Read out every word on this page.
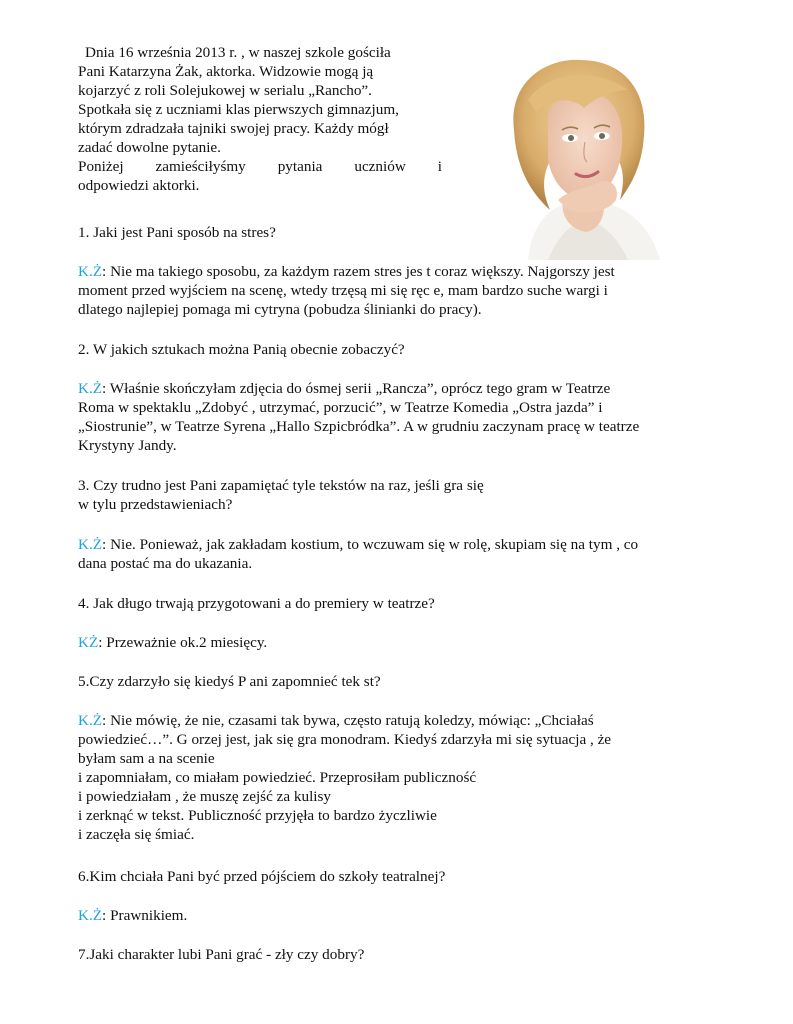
Dnia 16 września 2013 r. , w naszej szkole gościła
Pani Katarzyna Żak, aktorka. Widzowie mogą ją
kojarzyć z roli Solejukowej w serialu „Rancho”.
Spotkała się z uczniami klas pierwszych gimnazjum,
którym zdradzała tajniki swojej pracy. Każdy mógł
zadać dowolne pytanie.
Poniżej zamieściłyśmy pytania uczniów i
odpowiedzi aktorki.
1. Jaki jest Pani sposób na stres?
K.Ż: Nie ma takiego sposobu, za każdym razem stres jes t coraz większy. Najgorszy jest
moment przed wyjściem na scenę, wtedy trzęsą mi się ręc e, mam bardzo suche wargi i
dlatego najlepiej pomaga mi cytryna (pobudza ślinianki do pracy).
2. W jakich sztukach można Panią obecnie zobaczyć?
K.Ż: Właśnie skończyłam zdjęcia do ósmej serii „Rancza”, oprócz tego gram w Teatrze
Roma w spektaklu „Zdobyć , utrzymać, porzucić”, w Teatrze Komedia „Ostra jazda” i
„Siostrunie”, w Teatrze Syrena „Hallo Szpicbródka”. A w grudniu zaczynam pracę w teatrze
Krystyny Jandy.
3. Czy trudno jest Pani zapamiętać tyle tekstów na raz, jeśli gra się
w tylu przedstawieniach?
K.Ż: Nie. Ponieważ, jak zakładam kostium, to wczuwam się w rolę, skupiam się na tym , co
dana postać ma do ukazania.
4. Jak długo trwają przygotowani a do premiery w teatrze?
KŻ: Przeważnie ok.2 miesięcy.
5.Czy zdarzyło się kiedyś P ani zapomnieć tek st?
K.Ż: Nie mówię, że nie, czasami tak bywa, często ratują koledzy, mówiąc: „Chciałaś
powiedzieć…”. G orzej jest, jak się gra monodram. Kiedyś zdarzyła mi się sytuacja , że
byłam sam a na scenie
i zapomniałam, co miałam powiedzieć. Przeprosiłam publiczność
i powiedziałam , że muszę zejść za kulisy
i zerknąć w tekst. Publiczność przyjęła to bardzo życzliwie
i zaczęła się śmiać.
6.Kim chciała Pani być przed pójściem do szkoły teatralnej?
K.Ż: Prawnikiem.
7.Jaki charakter lubi Pani grać - zły czy dobry?
